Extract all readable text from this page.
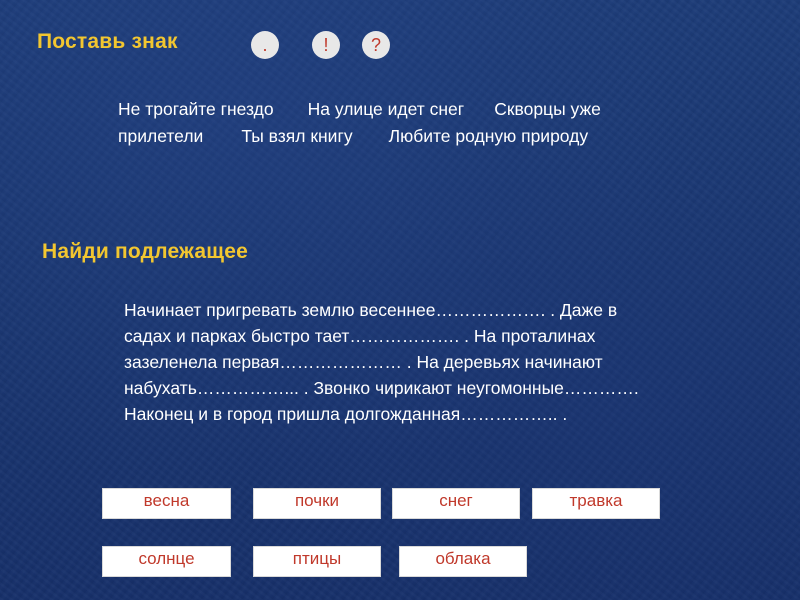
Поставь знак	.	!	?
Не трогайте гнездо На улице идет снег Скворцы уже
прилетели Ты взял книгу Любите родную природу
Найди подлежащее
Начинает пригревать землю весеннее………………. . Даже в
садах и парках быстро тает………………. . На проталинах
зазеленела первая………………… . На деревьях начинают
набухать……………... . Звонко чирикают неугомонные………….
Наконец и в город пришла долгожданная…………….. .
весна	почки	снег	травка
солнце	птицы	облака
